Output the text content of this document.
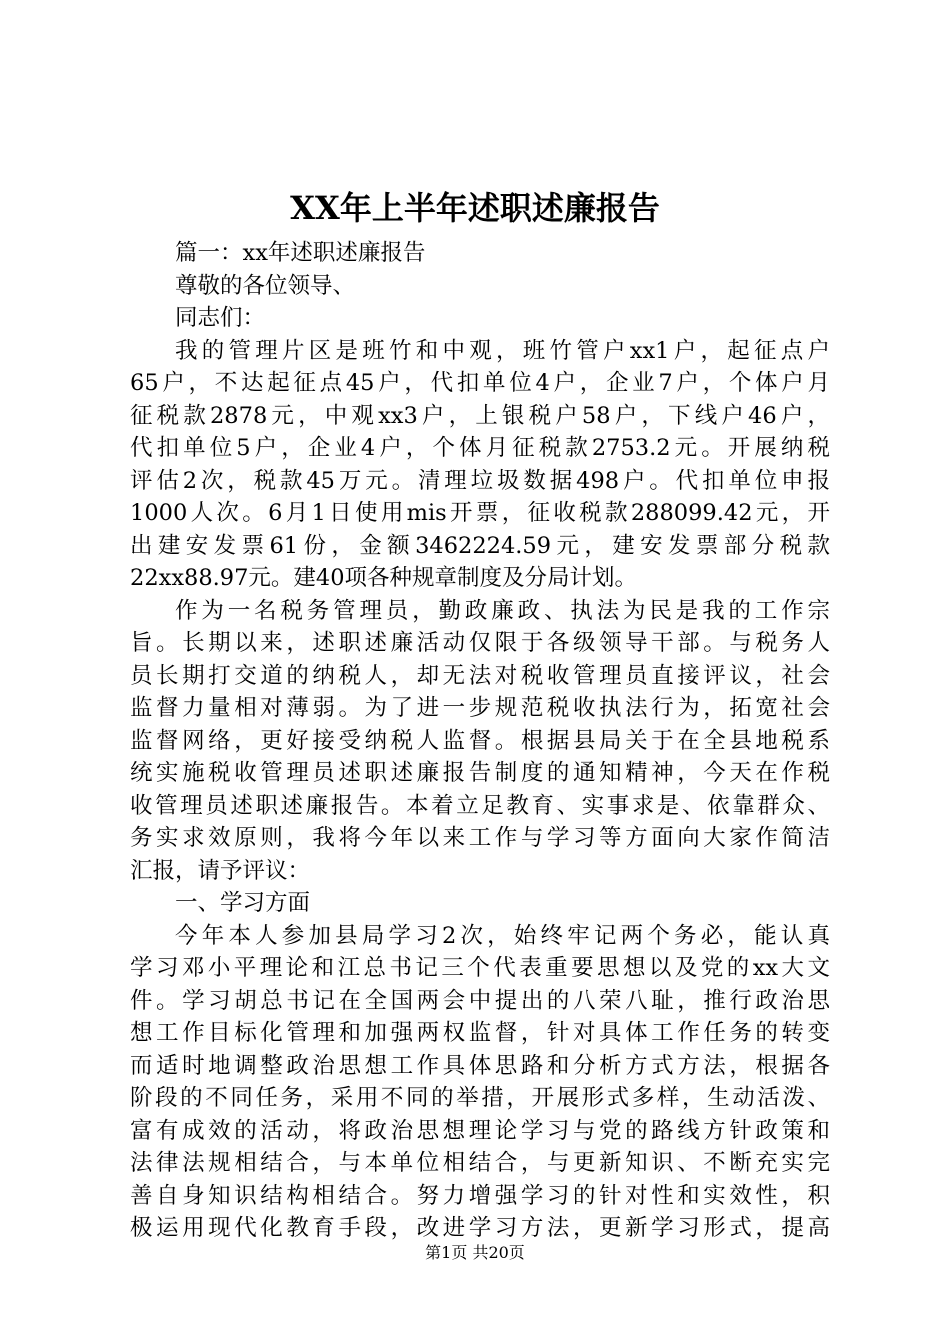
XX年上半年述职述廉报告
篇一：xx年述职述廉报告
尊敬的各位领导、
同志们：
我的管理片区是班竹和中观，班竹管户xx1户，起征点户
65户，不达起征点45户，代扣单位4户，企业7户，个体户月
征税款2878元，中观xx3户，上银税户58户，下线户46户，
代扣单位5户，企业4户，个体月征税款2753.2元。开展纳税
评估2次，税款45万元。清理垃圾数据498户。代扣单位申报
1000人次。6月1日使用mis开票，征收税款288099.42元，开
出建安发票61份，金额3462224.59元，建安发票部分税款
22xx88.97元。建40项各种规章制度及分局计划。
作为一名税务管理员，勤政廉政、执法为民是我的工作宗
旨。长期以来，述职述廉活动仅限于各级领导干部。与税务人
员长期打交道的纳税人，却无法对税收管理员直接评议，社会
监督力量相对薄弱。为了进一步规范税收执法行为，拓宽社会
监督网络，更好接受纳税人监督。根据县局关于在全县地税系
统实施税收管理员述职述廉报告制度的通知精神，今天在作税
收管理员述职述廉报告。本着立足教育、实事求是、依靠群众、
务实求效原则，我将今年以来工作与学习等方面向大家作简洁
汇报，请予评议：
一、学习方面
今年本人参加县局学习2次，始终牢记两个务必，能认真
学习邓小平理论和江总书记三个代表重要思想以及党的xx大文
件。学习胡总书记在全国两会中提出的八荣八耻，推行政治思
想工作目标化管理和加强两权监督，针对具体工作任务的转变
而适时地调整政治思想工作具体思路和分析方式方法，根据各
阶段的不同任务，采用不同的举措，开展形式多样，生动活泼、
富有成效的活动，将政治思想理论学习与党的路线方针政策和
法律法规相结合，与本单位相结合，与更新知识、不断充实完
善自身知识结构相结合。努力增强学习的针对性和实效性，积
极运用现代化教育手段，改进学习方法，更新学习形式，提高
第1页 共20页
